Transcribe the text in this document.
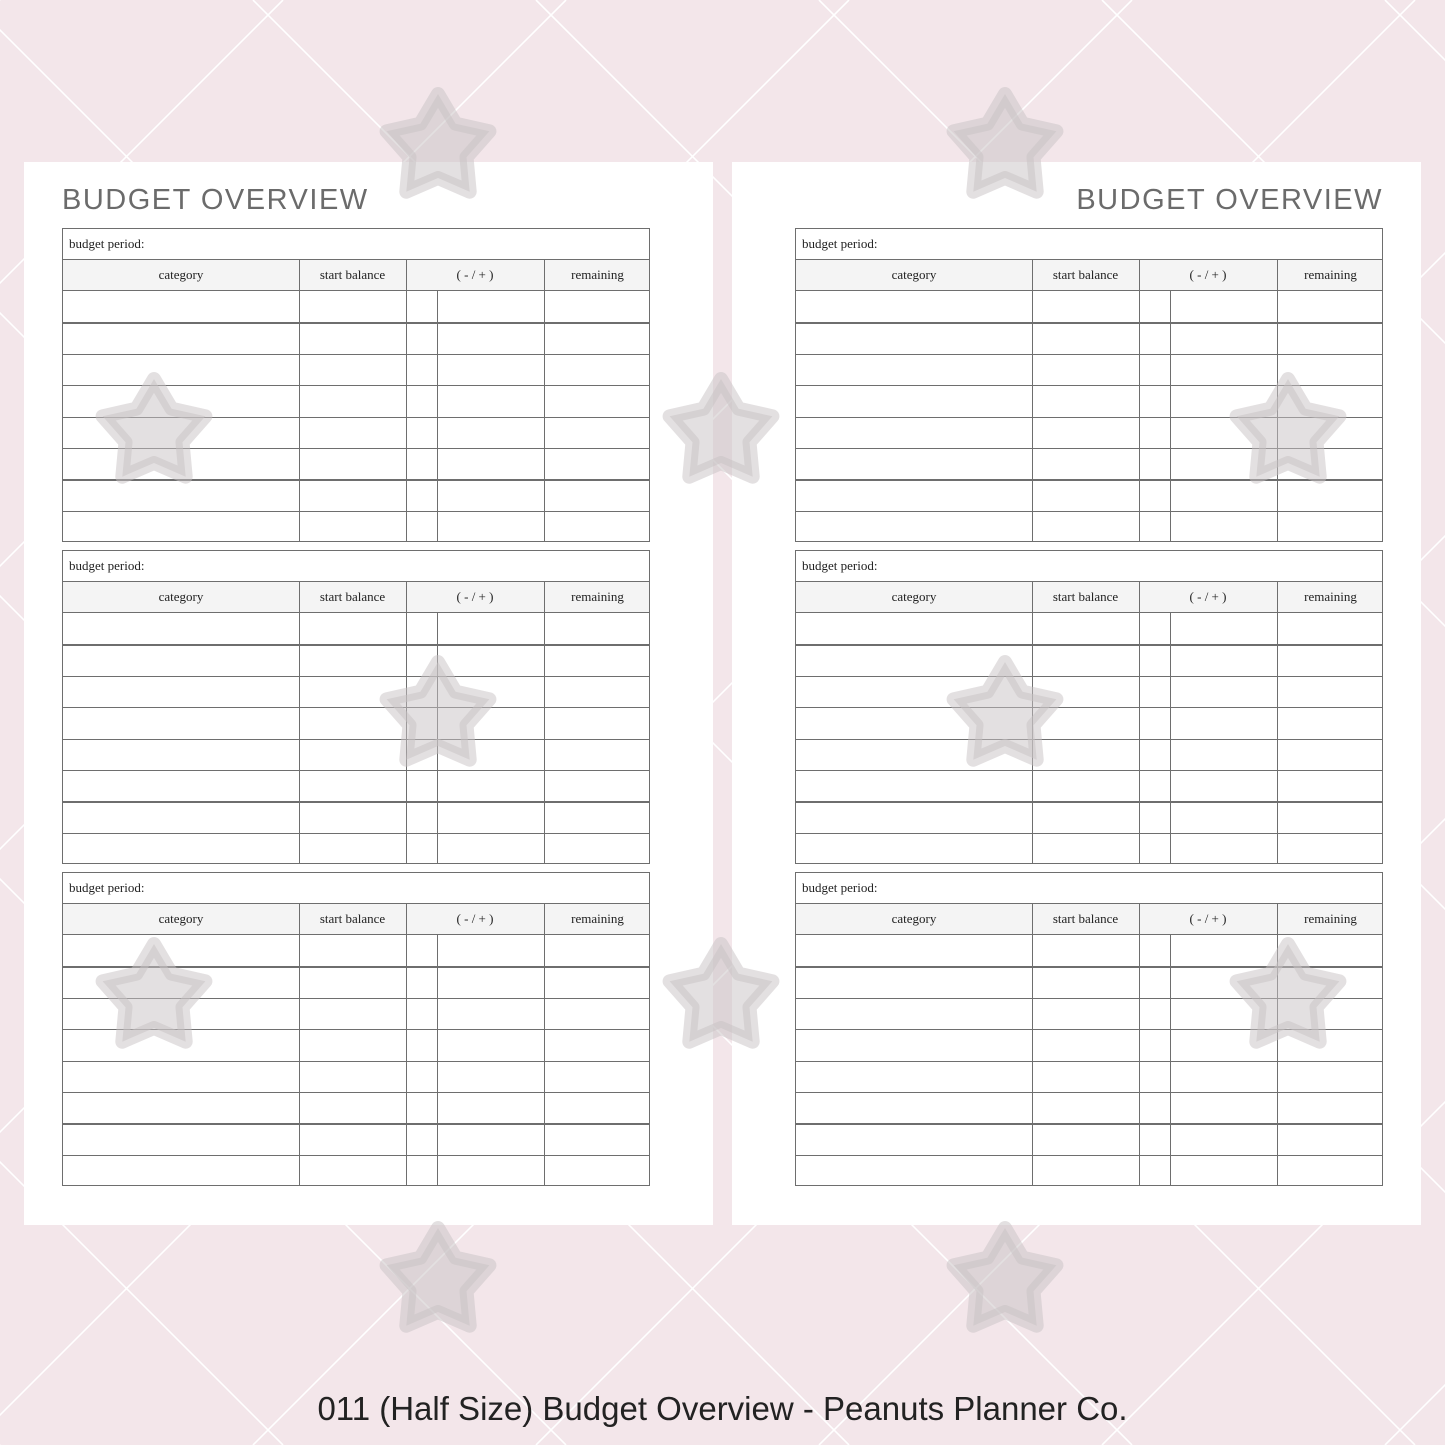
BUDGET OVERVIEW
budget period:
category	start balance	( - / + )	remaining
budget period:
category	start balance	( - / + )	remaining
budget period:
category	start balance	( - / + )	remaining
BUDGET OVERVIEW
budget period:
category	start balance	( - / + )	remaining
budget period:
category	start balance	( - / + )	remaining
budget period:
category	start balance	( - / + )	remaining
011 (Half Size) Budget Overview - Peanuts Planner Co.
